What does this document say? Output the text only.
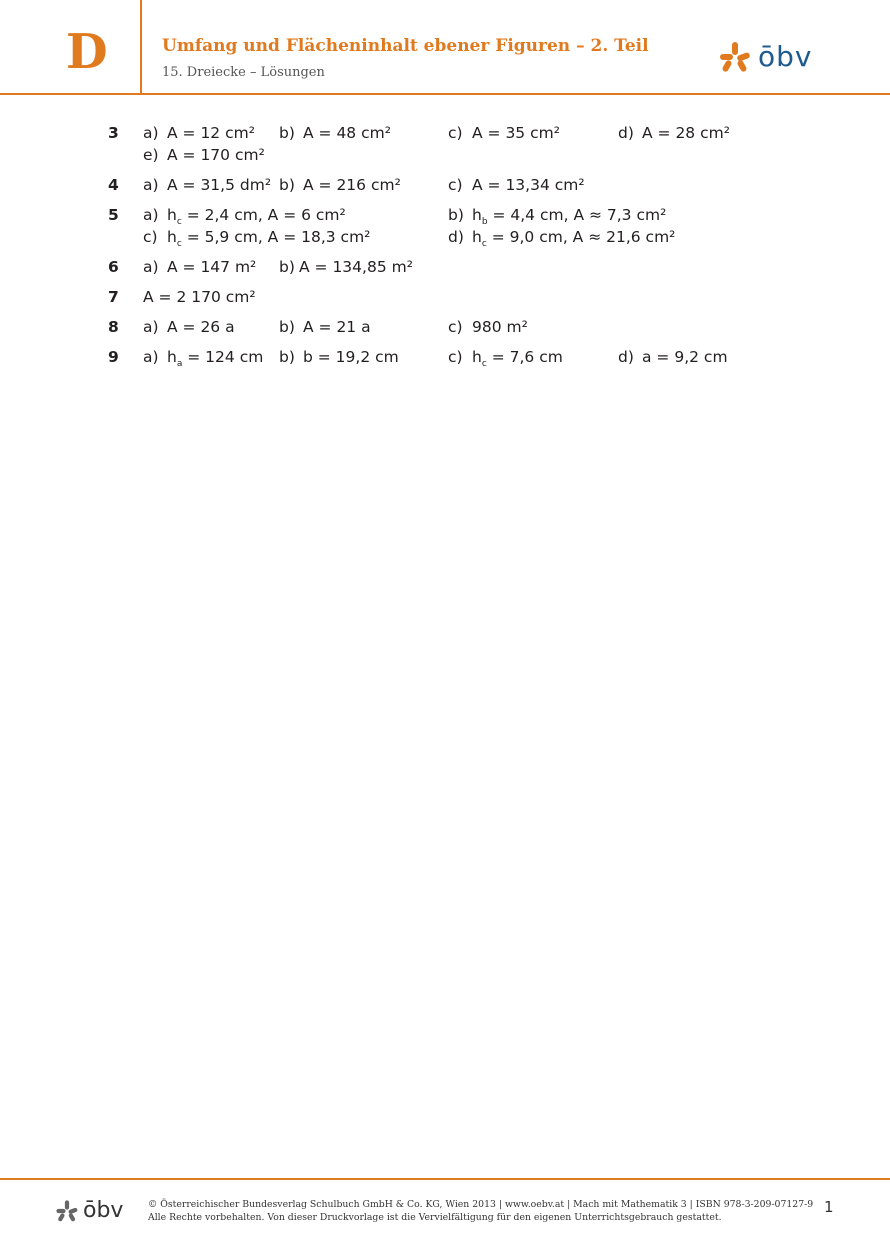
D	Umfang und Flächeninhalt ebener Figuren – 2. Teil
15. Dreiecke – Lösungen	ōbv
3 a) A = 12 cm² b) A = 48 cm²	c) A = 35 cm²	d) A = 28 cm²
e) A = 170 cm²
4 a) A = 31,5 dm² b) A = 216 cm²	c) A = 13,34 cm²
5 a) $h_c = 2,4$ cm, A = 6 cm²	b) $h_b = 4,4$ cm, A ≈ 7,3 cm²
c) $h_c = 5,9$ cm, A = 18,3 cm²	d) $h_c = 9,0$ cm, A ≈ 21,6 cm²
6 a) A = 147 m² b) A = 134,85 m²
7 A = 2 170 cm²
8 a) A = 26 a	b) A = 21 a	c) 980 m²
9 a) $h_a = 124$ cm b) b = 19,2 cm	c) $h_c = 7,6$ cm	d) a = 9,2 cm
ōbv	© Österreichischer Bundesverlag Schulbuch GmbH & Co. KG, Wien 2013 | www.oebv.at | Mach mit Mathematik 3 | ISBN 978-3-209-07127-9
Alle Rechte vorbehalten. Von dieser Druckvorlage ist die Vervielfältigung für den eigenen Unterrichtsgebrauch gestattet.
1
